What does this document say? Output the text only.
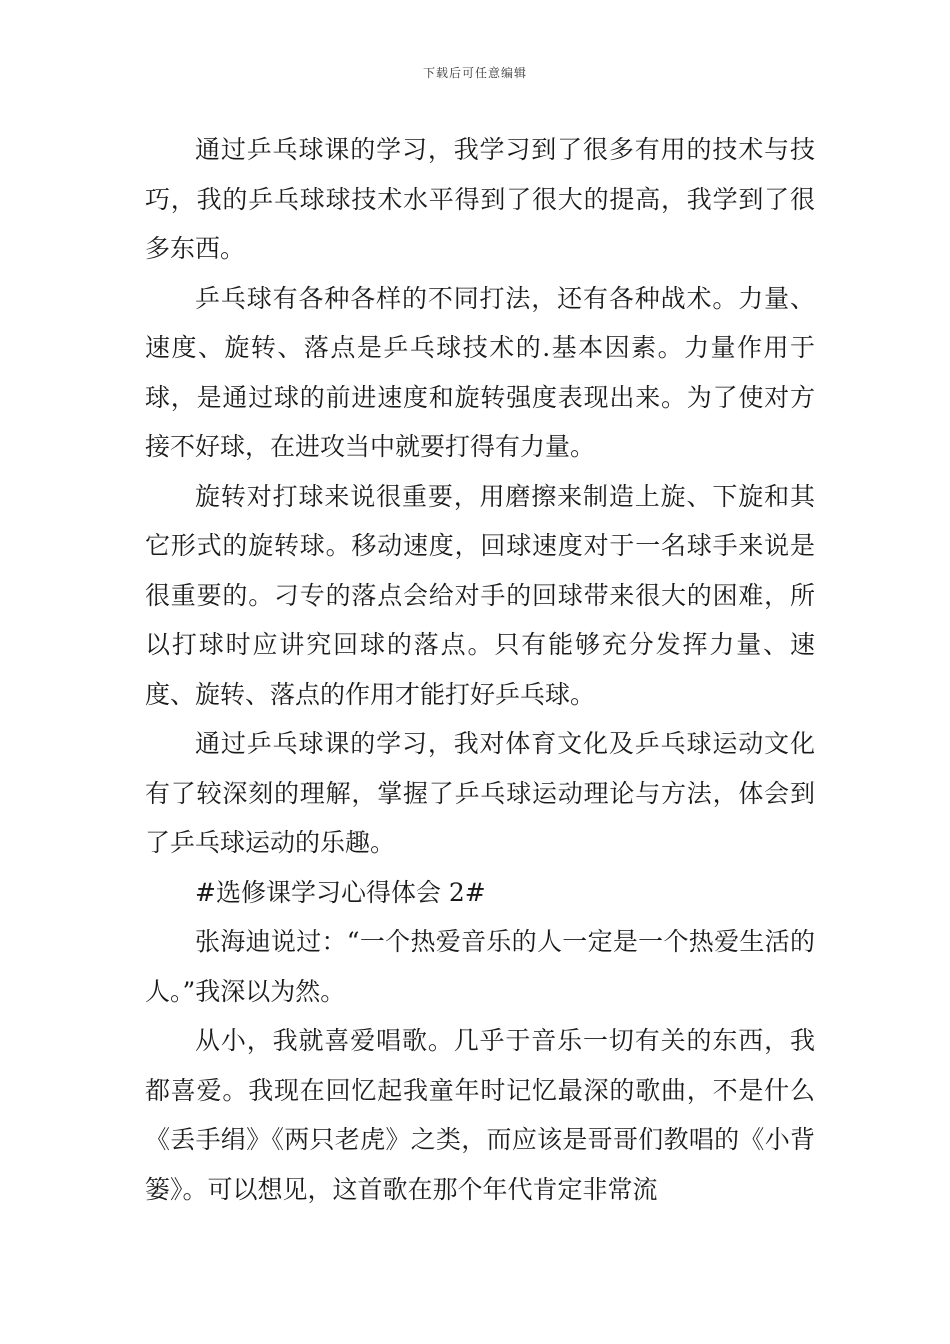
下载后可任意编辑

通过乒乓球课的学习，我学习到了很多有用的技术与技巧，我的乒乓球球技术水平得到了很大的提高，我学到了很多东西。

乒乓球有各种各样的不同打法，还有各种战术。力量、速度、旋转、落点是乒乓球技术的.基本因素。力量作用于球，是通过球的前进速度和旋转强度表现出来。为了使对方接不好球，在进攻当中就要打得有力量。

旋转对打球来说很重要，用磨擦来制造上旋、下旋和其它形式的旋转球。移动速度，回球速度对于一名球手来说是很重要的。刁专的落点会给对手的回球带来很大的困难，所以打球时应讲究回球的落点。只有能够充分发挥力量、速度、旋转、落点的作用才能打好乒乓球。

通过乒乓球课的学习，我对体育文化及乒乓球运动文化有了较深刻的理解，掌握了乒乓球运动理论与方法，体会到了乒乓球运动的乐趣。

#选修课学习心得体会 2#

张海迪说过：“一个热爱音乐的人一定是一个热爱生活的人。”我深以为然。

从小，我就喜爱唱歌。几乎于音乐一切有关的东西，我都喜爱。我现在回忆起我童年时记忆最深的歌曲，不是什么《丢手绢》《两只老虎》之类，而应该是哥哥们教唱的《小背篓》。可以想见，这首歌在那个年代肯定非常流
